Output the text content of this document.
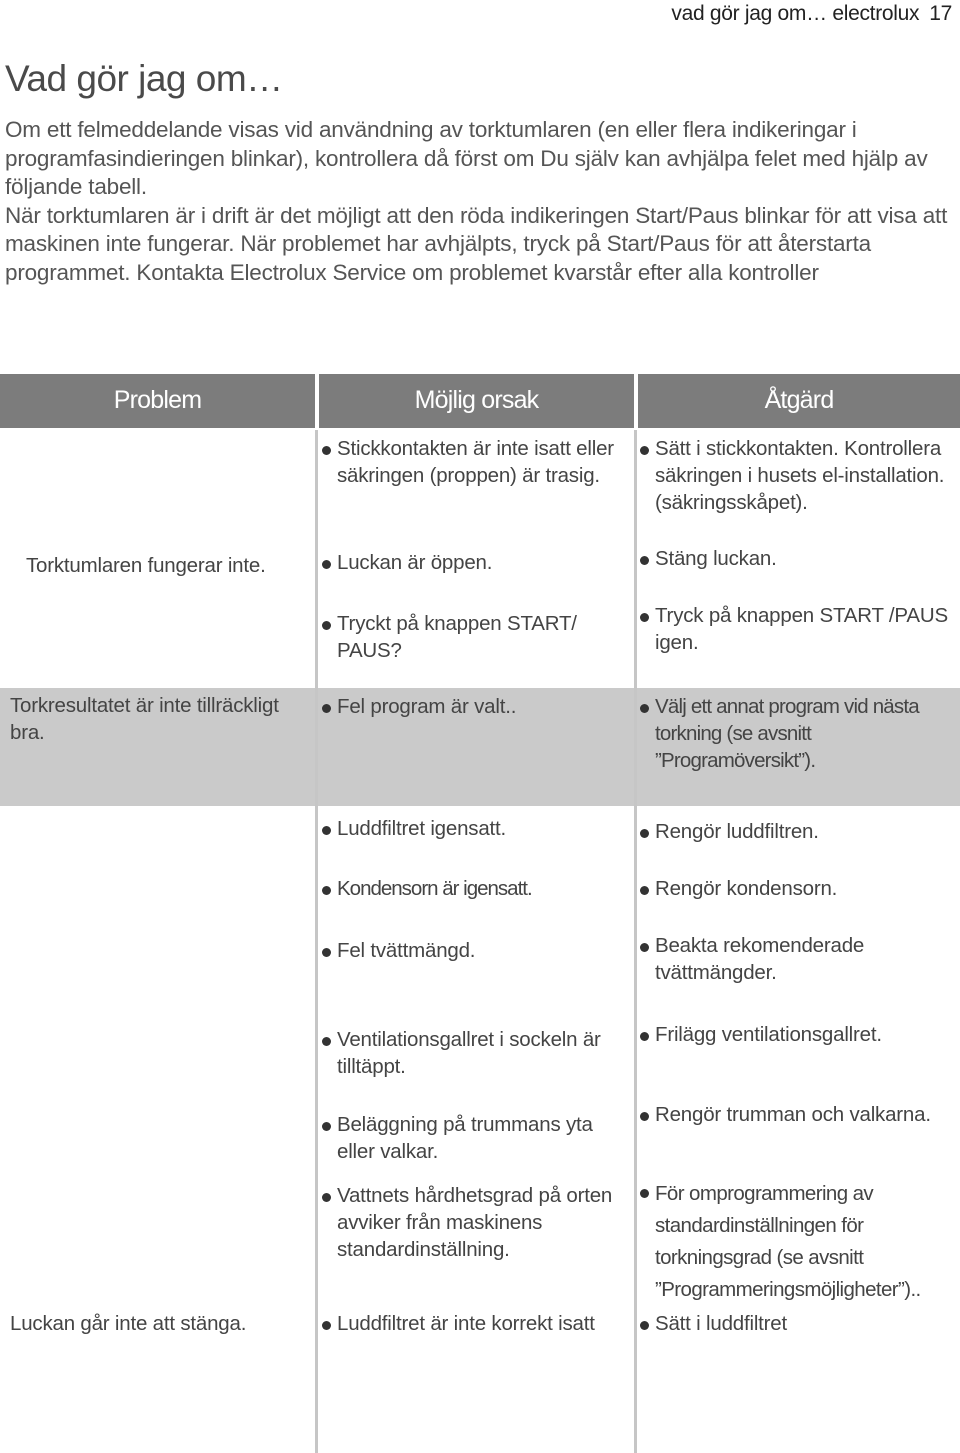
vad gör jag om… electrolux 17
Vad gör jag om…

Om ett felmeddelande visas vid användning av torktumlaren (en eller flera indikeringar i programfasindieringen blinkar), kontrollera då först om Du själv kan avhjälpa felet med hjälp av följande tabell.

När torktumlaren är i drift är det möjligt att den röda indikeringen Start/Paus blinkar för att visa att maskinen inte fungerar. När problemet har avhjälpts, tryck på Start/Paus för att återstarta programmet. Kontakta Electrolux Service om problemet kvarstår efter alla kontroller

Problem	Möjlig orsak	Åtgärd
Torktumlaren fungerar inte.
Torkresultatet är inte tillräckligt bra.
Luckan går inte att stänga.
Stickkontakten är inte isatt eller säkringen (proppen) är trasig.
Luckan är öppen.
Tryckt på knappen START/ PAUS?
Fel program är valt..
Luddfiltret igensatt.
Kondensorn är igensatt.
Fel tvättmängd.
Ventilationsgallret i sockeln är tilltäppt.
Beläggning på trummans yta eller valkar.
Vattnets hårdhetsgrad på orten avviker från maskinens standardinställning.
Luddfiltret är inte korrekt isatt
Sätt i stickkontakten. Kontrollera säkringen i husets el-installation.(säkringsskåpet).
Stäng luckan.
Tryck på knappen START /PAUS igen.
Välj ett annat program vid nästa torkning (se avsnitt ”Programöversikt”).
Rengör luddfiltren.
Rengör kondensorn.
Beakta rekomenderade tvättmängder.
Frilägg ventilationsgallret.
Rengör trumman och valkarna.
För omprogrammering av standardinställningen för torkningsgrad (se avsnitt ”Programmeringsmöjligheter”)..
Sätt i luddfiltret
